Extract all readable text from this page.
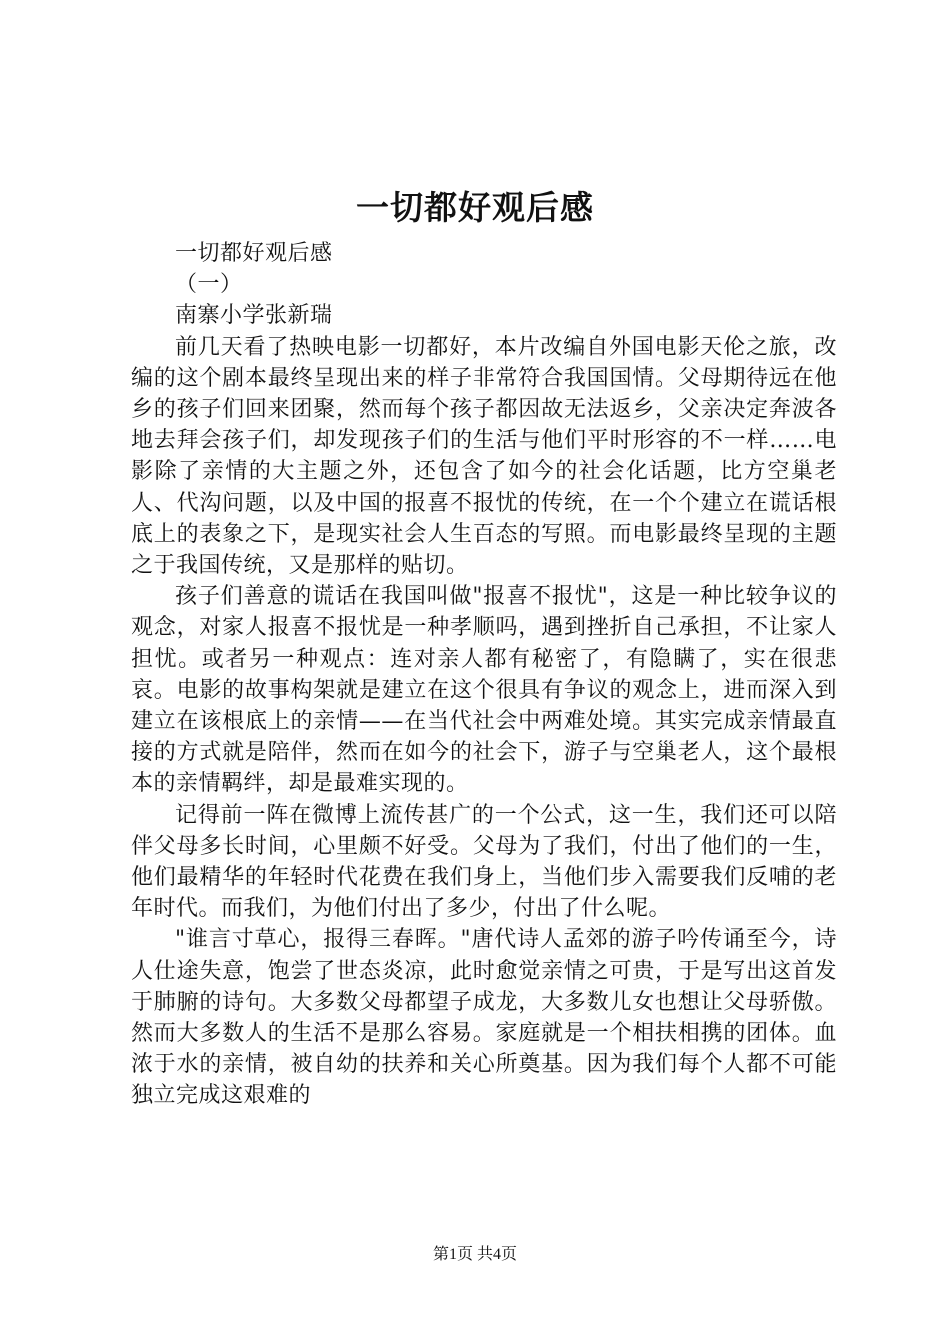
一切都好观后感

一切都好观后感

（一）

南寨小学张新瑞

前几天看了热映电影一切都好，本片改编自外国电影天伦之旅，改编的这个剧本最终呈现出来的样子非常符合我国国情。父母期待远在他乡的孩子们回来团聚，然而每个孩子都因故无法返乡，父亲决定奔波各地去拜会孩子们，却发现孩子们的生活与他们平时形容的不一样……电影除了亲情的大主题之外，还包含了如今的社会化话题，比方空巢老人、代沟问题，以及中国的报喜不报忧的传统，在一个个建立在谎话根底上的表象之下，是现实社会人生百态的写照。而电影最终呈现的主题之于我国传统，又是那样的贴切。

孩子们善意的谎话在我国叫做"报喜不报忧"，这是一种比较争议的观念，对家人报喜不报忧是一种孝顺吗，遇到挫折自己承担，不让家人担忧。或者另一种观点：连对亲人都有秘密了，有隐瞒了，实在很悲哀。电影的故事构架就是建立在这个很具有争议的观念上，进而深入到建立在该根底上的亲情——在当代社会中两难处境。其实完成亲情最直接的方式就是陪伴，然而在如今的社会下，游子与空巢老人，这个最根本的亲情羁绊，却是最难实现的。

记得前一阵在微博上流传甚广的一个公式，这一生，我们还可以陪伴父母多长时间，心里颇不好受。父母为了我们，付出了他们的一生，他们最精华的年轻时代花费在我们身上，当他们步入需要我们反哺的老年时代。而我们，为他们付出了多少，付出了什么呢。

"谁言寸草心，报得三春晖。"唐代诗人孟郊的游子吟传诵至今，诗人仕途失意，饱尝了世态炎凉，此时愈觉亲情之可贵，于是写出这首发于肺腑的诗句。大多数父母都望子成龙，大多数儿女也想让父母骄傲。然而大多数人的生活不是那么容易。家庭就是一个相扶相携的团体。血浓于水的亲情，被自幼的扶养和关心所奠基。因为我们每个人都不可能独立完成这艰难的

第1页 共4页
